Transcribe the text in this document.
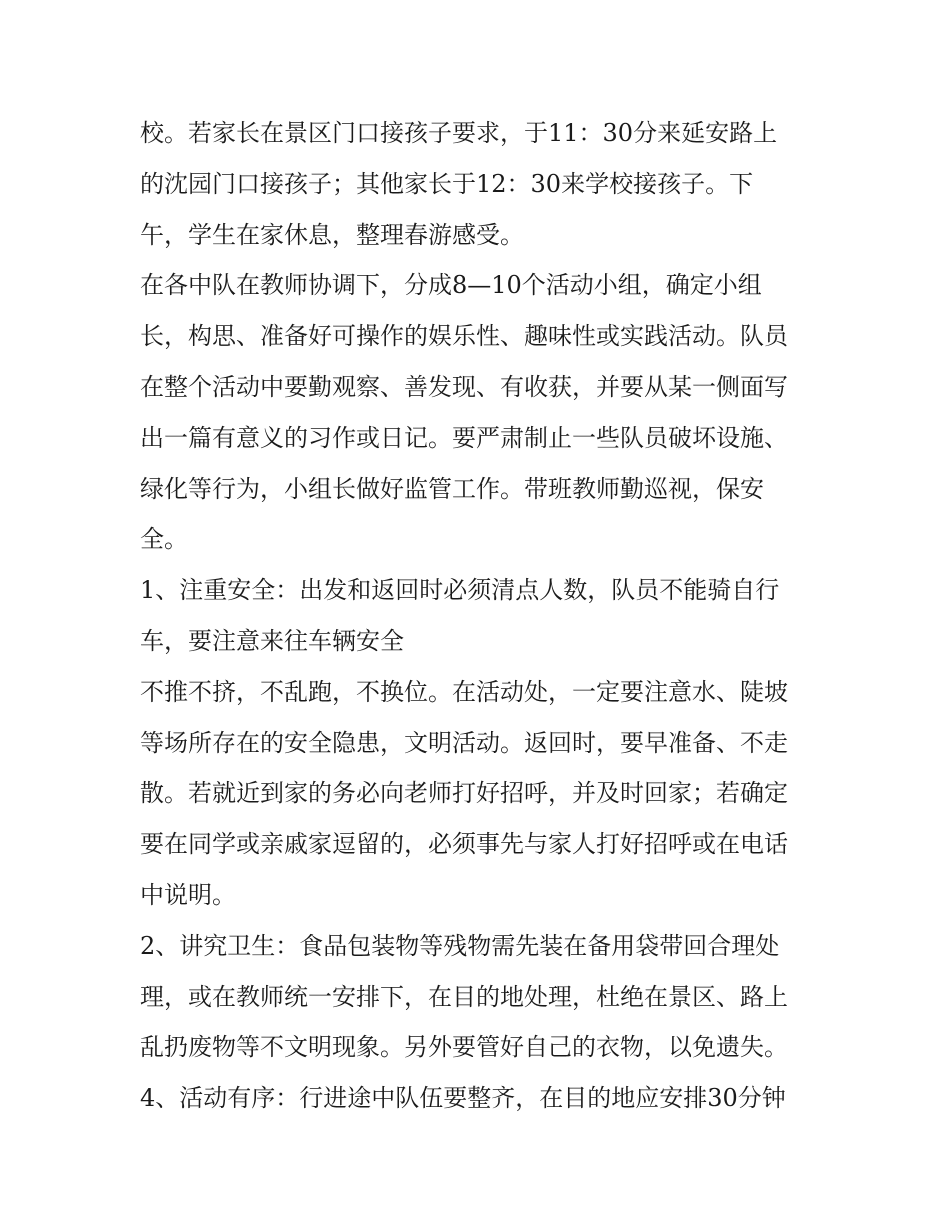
校。若家长在景区门口接孩子要求，于11：30分来延安路上
的沈园门口接孩子；其他家长于12：30来学校接孩子。下
午，学生在家休息，整理春游感受。
在各中队在教师协调下，分成8—10个活动小组，确定小组
长，构思、准备好可操作的娱乐性、趣味性或实践活动。队员
在整个活动中要勤观察、善发现、有收获，并要从某一侧面写
出一篇有意义的习作或日记。要严肃制止一些队员破坏设施、
绿化等行为，小组长做好监管工作。带班教师勤巡视，保安
全。
1、注重安全：出发和返回时必须清点人数，队员不能骑自行
车，要注意来往车辆安全
不推不挤，不乱跑，不换位。在活动处，一定要注意水、陡坡
等场所存在的安全隐患，文明活动。返回时，要早准备、不走
散。若就近到家的务必向老师打好招呼，并及时回家；若确定
要在同学或亲戚家逗留的，必须事先与家人打好招呼或在电话
中说明。
2、讲究卫生：食品包装物等残物需先装在备用袋带回合理处
理，或在教师统一安排下，在目的地处理，杜绝在景区、路上
乱扔废物等不文明现象。另外要管好自己的衣物，以免遗失。
4、活动有序：行进途中队伍要整齐，在目的地应安排30分钟
